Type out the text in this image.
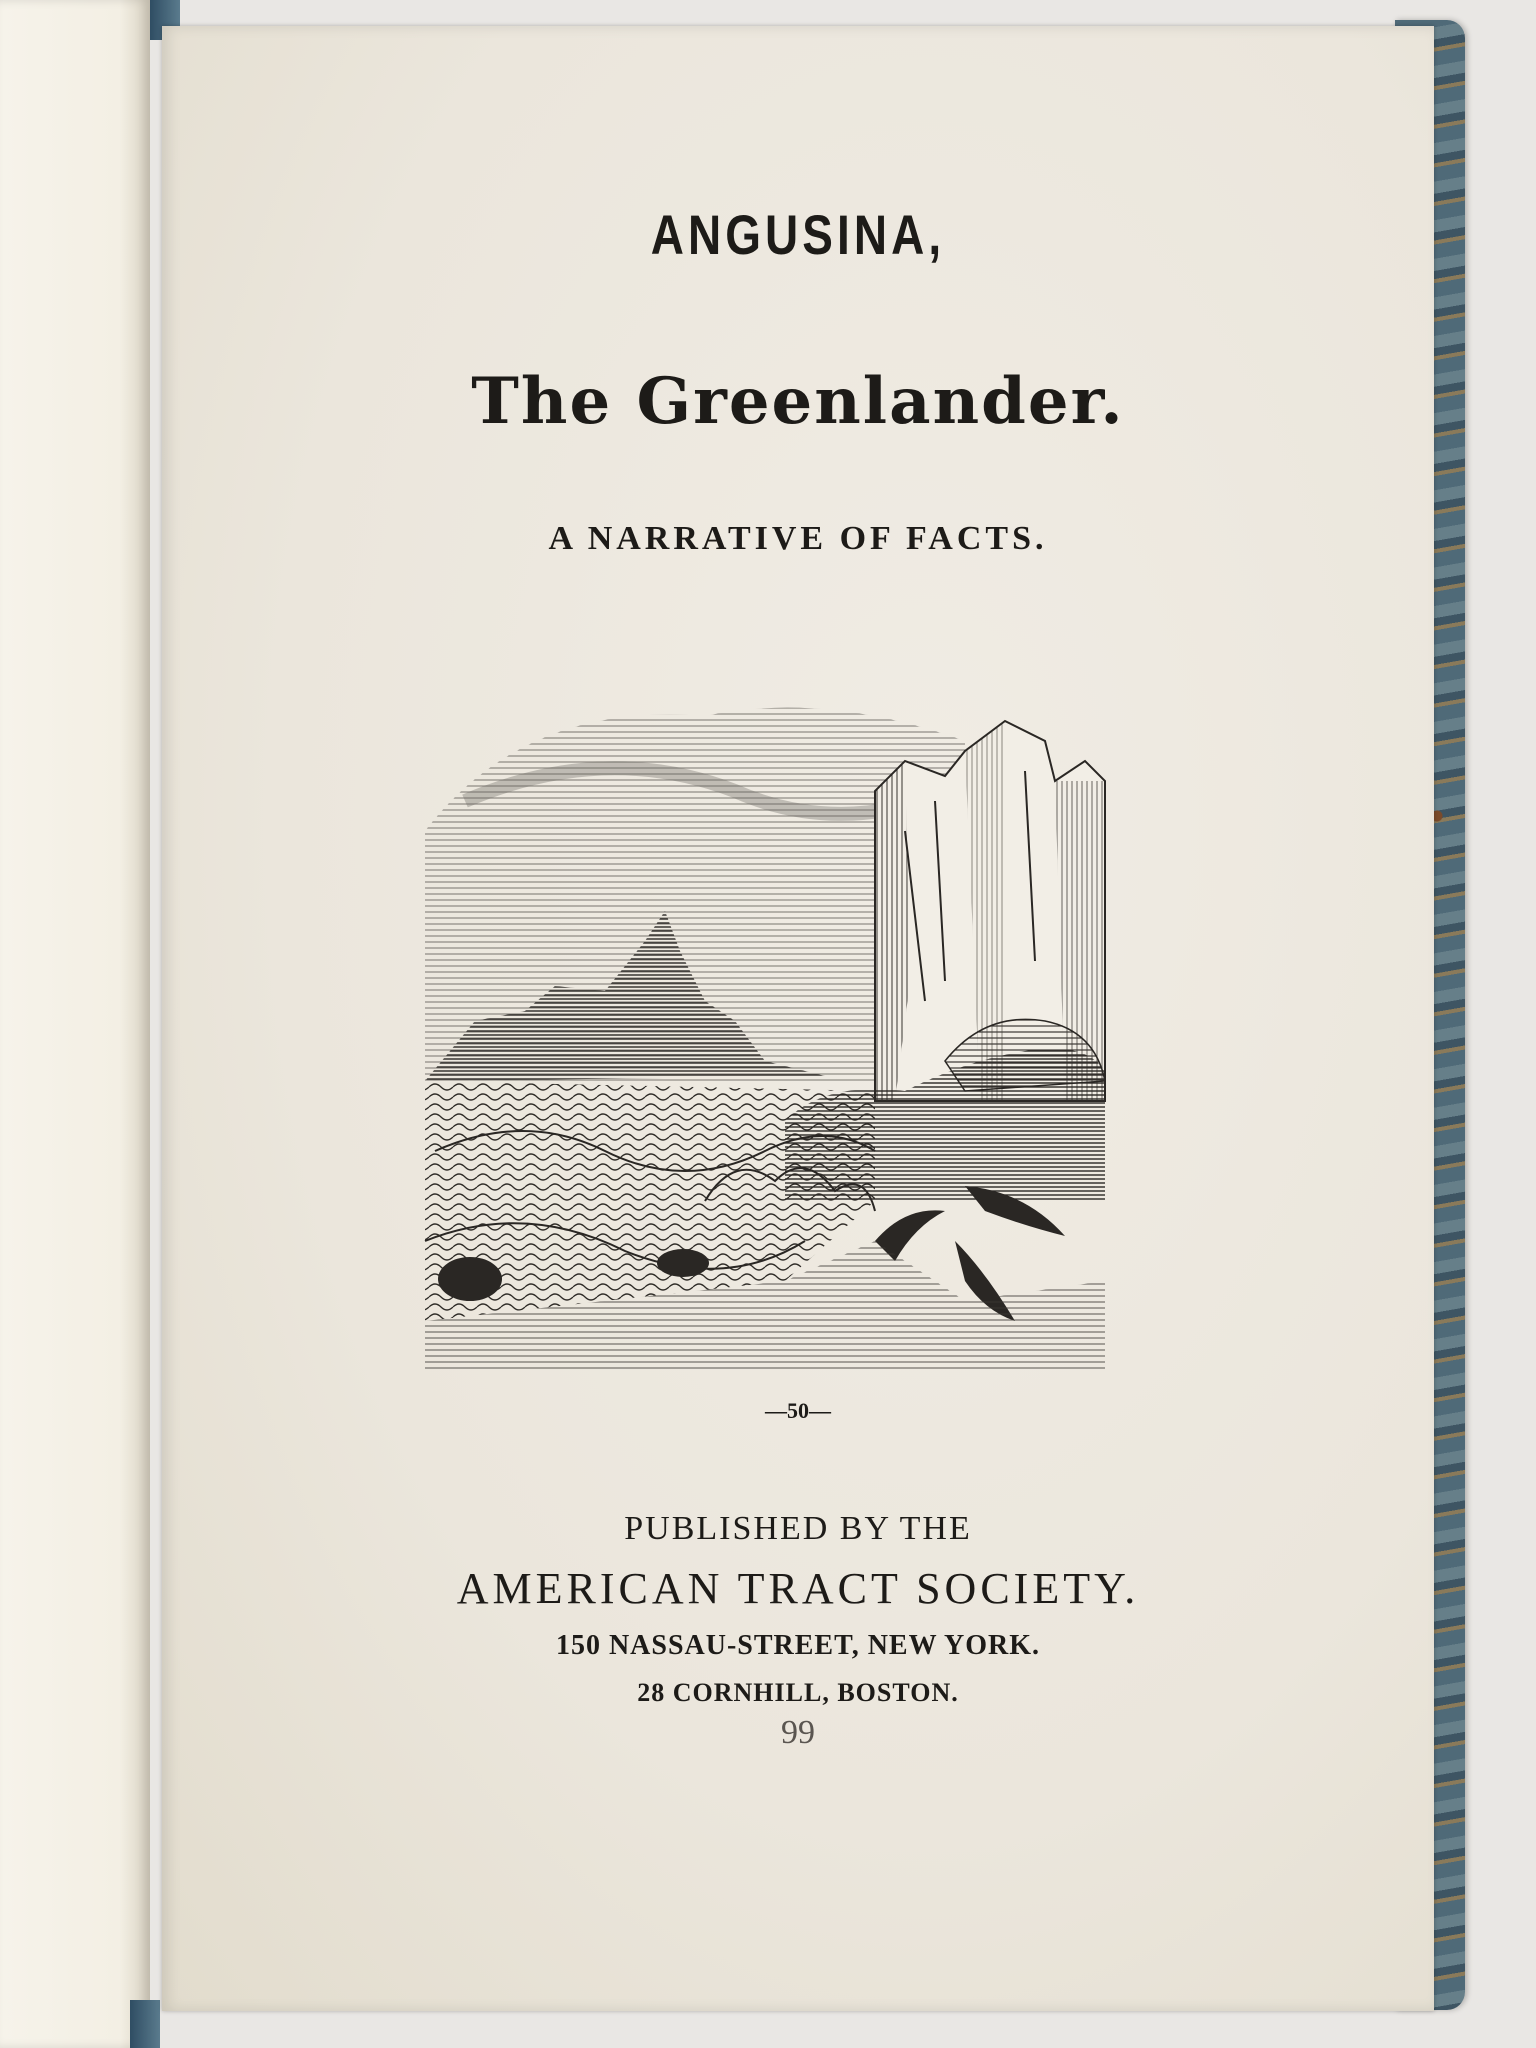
ANGUSINA,
The Greenlander.
A NARRATIVE OF FACTS.
—50—
PUBLISHED BY THE
AMERICAN TRACT SOCIETY.
150 NASSAU-STREET, NEW YORK.
28 CORNHILL, BOSTON.
99
